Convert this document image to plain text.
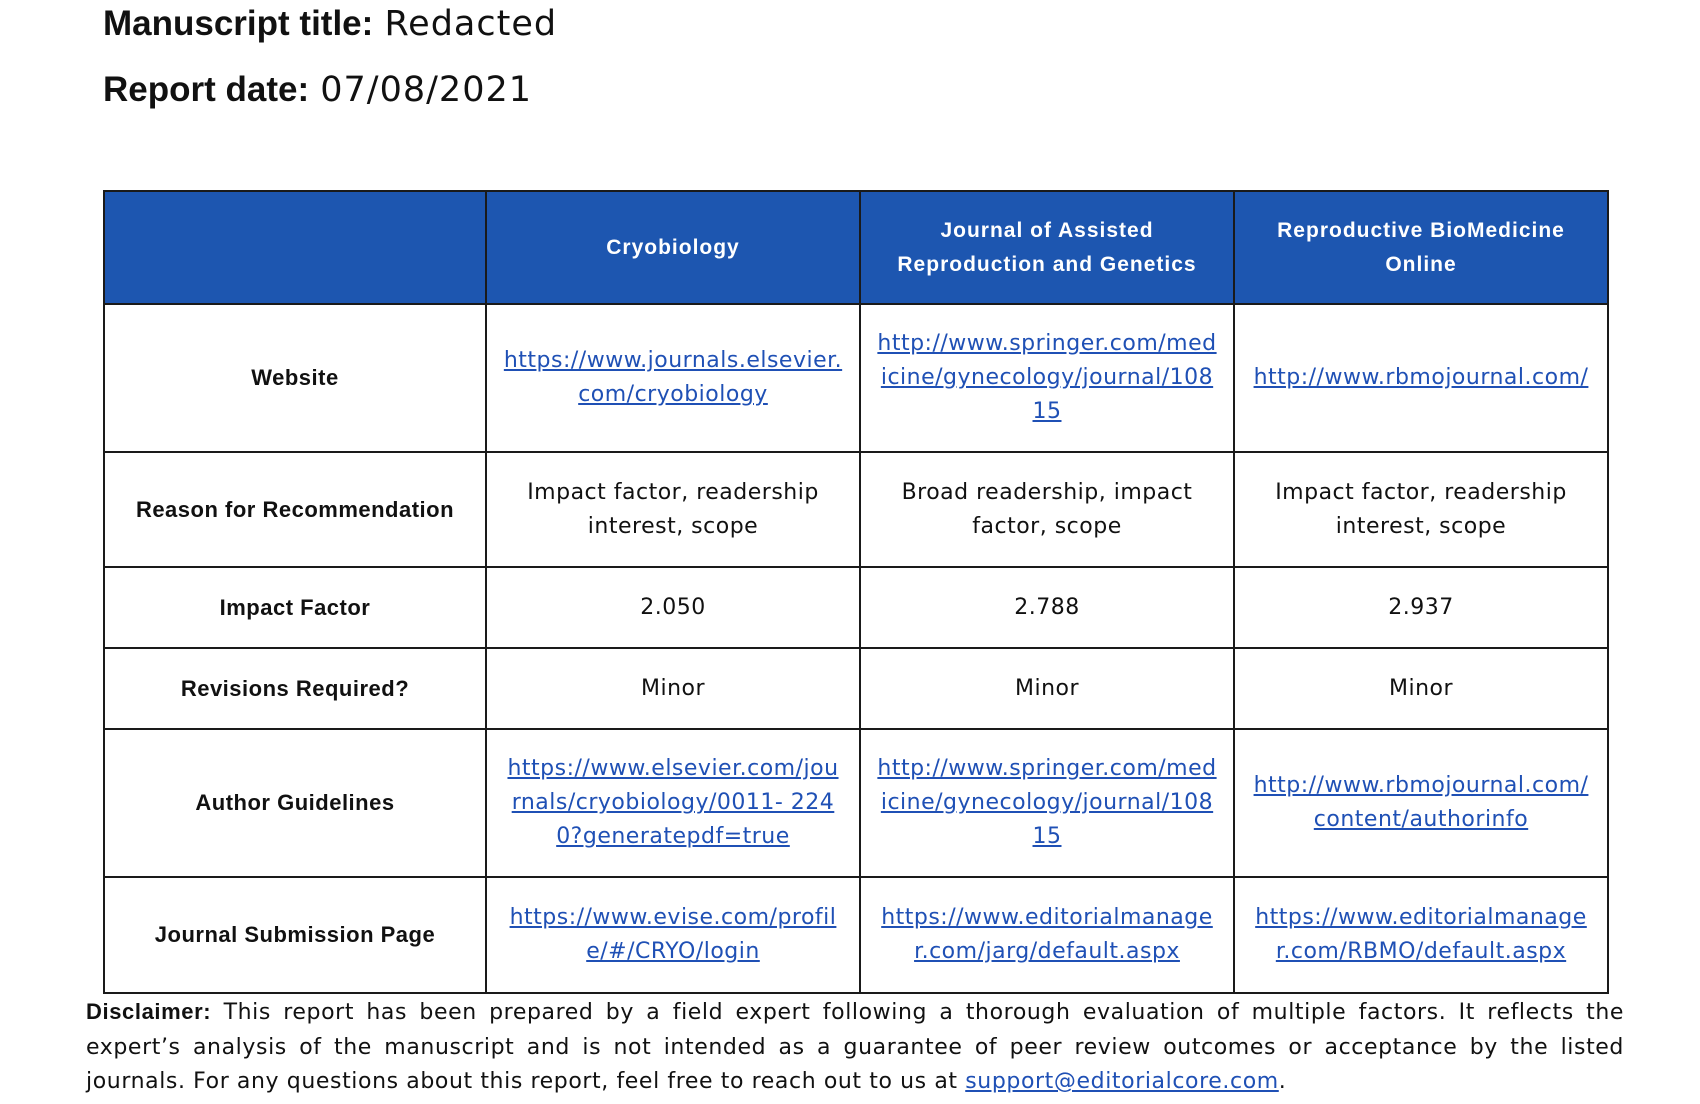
Manuscript title: Redacted
Report date: 07/08/2021
	Cryobiology	Journal of Assisted Reproduction and Genetics	Reproductive BioMedicine Online
Website	https://www.journals.elsevier.com/cryobiology	http://www.springer.com/medicine/gynecology/journal/10815	http://www.rbmojournal.com/
Reason for Recommendation	Impact factor, readership interest, scope	Broad readership, impact factor, scope	Impact factor, readership interest, scope
Impact Factor	2.050	2.788	2.937
Revisions Required?	Minor	Minor	Minor
Author Guidelines	https://www.elsevier.com/journals/cryobiology/0011- 2240?generatepdf=true	http://www.springer.com/medicine/gynecology/journal/10815	http://www.rbmojournal.com/content/authorinfo
Journal Submission Page	https://www.evise.com/profile/#/CRYO/login	https://www.editorialmanager.com/jarg/default.aspx	https://www.editorialmanager.com/RBMO/default.aspx
Disclaimer: This report has been prepared by a field expert following a thorough evaluation of multiple factors. It reflects the expert’s analysis of the manuscript and is not intended as a guarantee of peer review outcomes or acceptance by the listed journals. For any questions about this report, feel free to reach out to us at support@editorialcore.com.
